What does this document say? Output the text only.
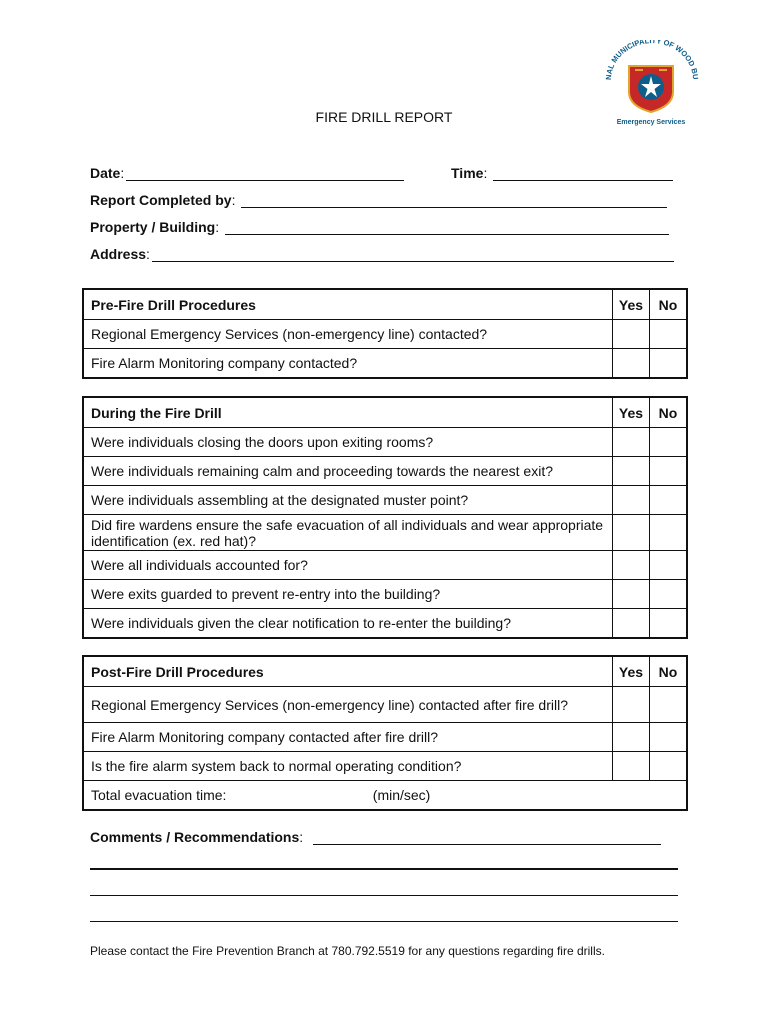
NAL MUNICIPALITY OF WOOD BU
Emergency Services
FIRE DRILL REPORT
Date :	Time :
Report Completed by :
Property / Building :
Address :
Pre-Fire Drill Procedures	Yes	No
Regional Emergency Services (non-emergency line) contacted?		
Fire Alarm Monitoring company contacted?		
During the Fire Drill	Yes	No
Were individuals closing the doors upon exiting rooms?		
Were individuals remaining calm and proceeding towards the nearest exit?		
Were individuals assembling at the designated muster point?		
Did fire wardens ensure the safe evacuation of all individuals and wear appropriate identification (ex. red hat)?		
Were all individuals accounted for?		
Were exits guarded to prevent re-entry into the building?		
Were individuals given the clear notification to re-enter the building?		
Post-Fire Drill Procedures	Yes	No
Regional Emergency Services (non-emergency line) contacted after fire drill?		
Fire Alarm Monitoring company contacted after fire drill?		
Is the fire alarm system back to normal operating condition?		
Total evacuation time: (min/sec)		
Comments / Recommendations :
Please contact the Fire Prevention Branch at 780.792.5519 for any questions regarding fire drills.
